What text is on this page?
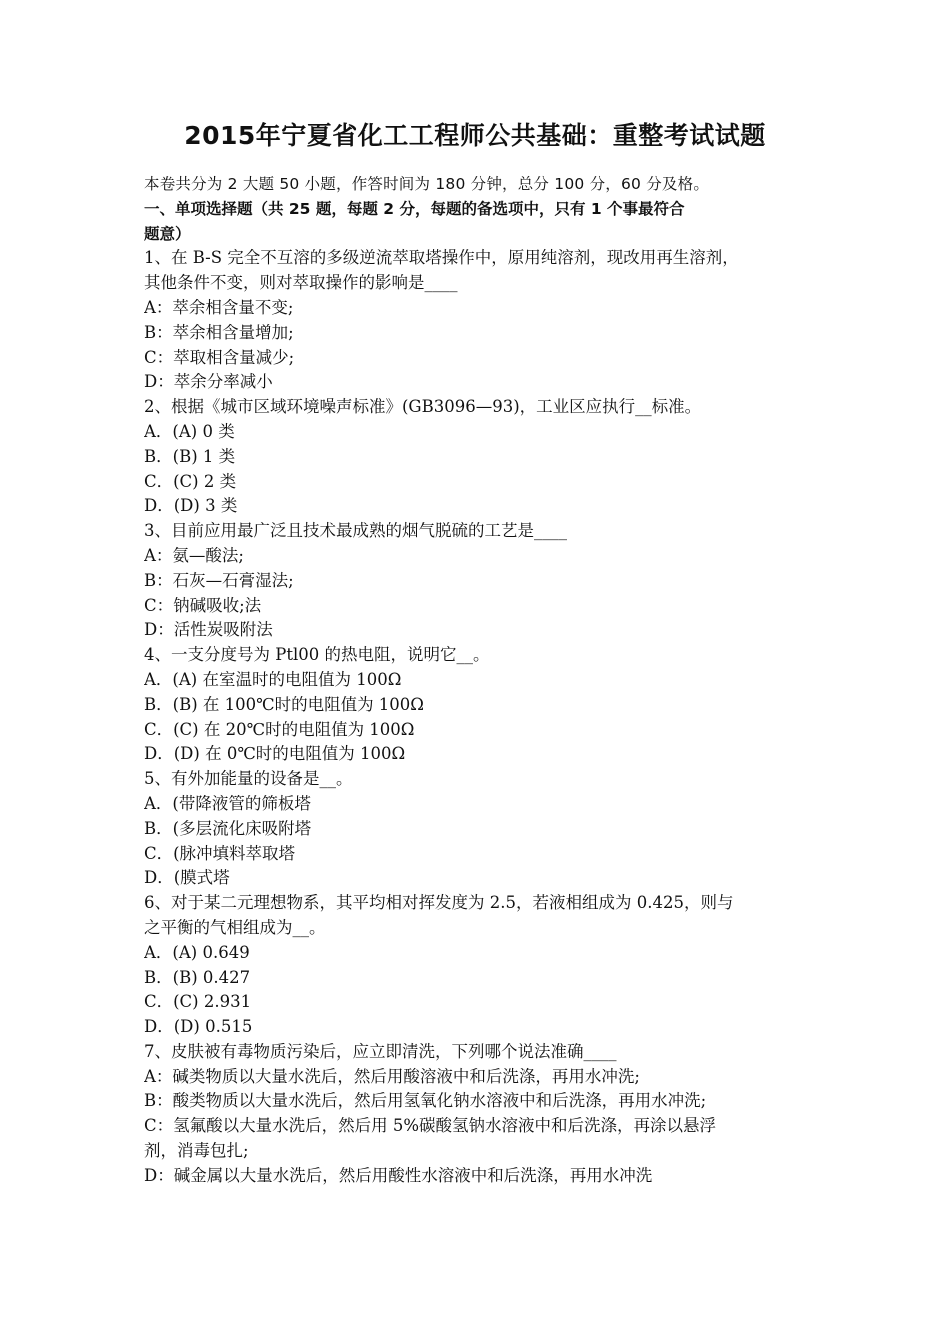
2015年宁夏省化工工程师公共基础：重整考试试题
本卷共分为 2 大题 50 小题，作答时间为 180 分钟，总分 100 分，60 分及格。
一、单项选择题（共 25 题，每题 2 分，每题的备选项中，只有 1 个事最符合
题意）
1、在 B-S 完全不互溶的多级逆流萃取塔操作中，原用纯溶剂，现改用再生溶剂，
其他条件不变，则对萃取操作的影响是____
A：萃余相含量不变;
B：萃余相含量增加;
C：萃取相含量减少;
D：萃余分率减小
2、根据《城市区域环境噪声标准》(GB3096—93)，工业区应执行__标准。
A．(A) 0 类
B．(B) 1 类
C．(C) 2 类
D．(D) 3 类
3、目前应用最广泛且技术最成熟的烟气脱硫的工艺是____
A：氨—酸法;
B：石灰—石膏湿法;
C：钠碱吸收;法
D：活性炭吸附法
4、一支分度号为 Ptl00 的热电阻，说明它__。
A．(A) 在室温时的电阻值为 100Ω
B．(B) 在 100℃时的电阻值为 100Ω
C．(C) 在 20℃时的电阻值为 100Ω
D．(D) 在 0℃时的电阻值为 100Ω
5、有外加能量的设备是__。
A．(带降液管的筛板塔
B．(多层流化床吸附塔
C．(脉冲填料萃取塔
D．(膜式塔
6、对于某二元理想物系，其平均相对挥发度为 2.5，若液相组成为 0.425，则与
之平衡的气相组成为__。
A．(A) 0.649
B．(B) 0.427
C．(C) 2.931
D．(D) 0.515
7、皮肤被有毒物质污染后，应立即清洗，下列哪个说法准确____
A：碱类物质以大量水洗后，然后用酸溶液中和后洗涤，再用水冲洗;
B：酸类物质以大量水洗后，然后用氢氧化钠水溶液中和后洗涤，再用水冲洗;
C：氢氟酸以大量水洗后，然后用 5%碳酸氢钠水溶液中和后洗涤，再涂以悬浮
剂，消毒包扎;
D：碱金属以大量水洗后，然后用酸性水溶液中和后洗涤，再用水冲洗
